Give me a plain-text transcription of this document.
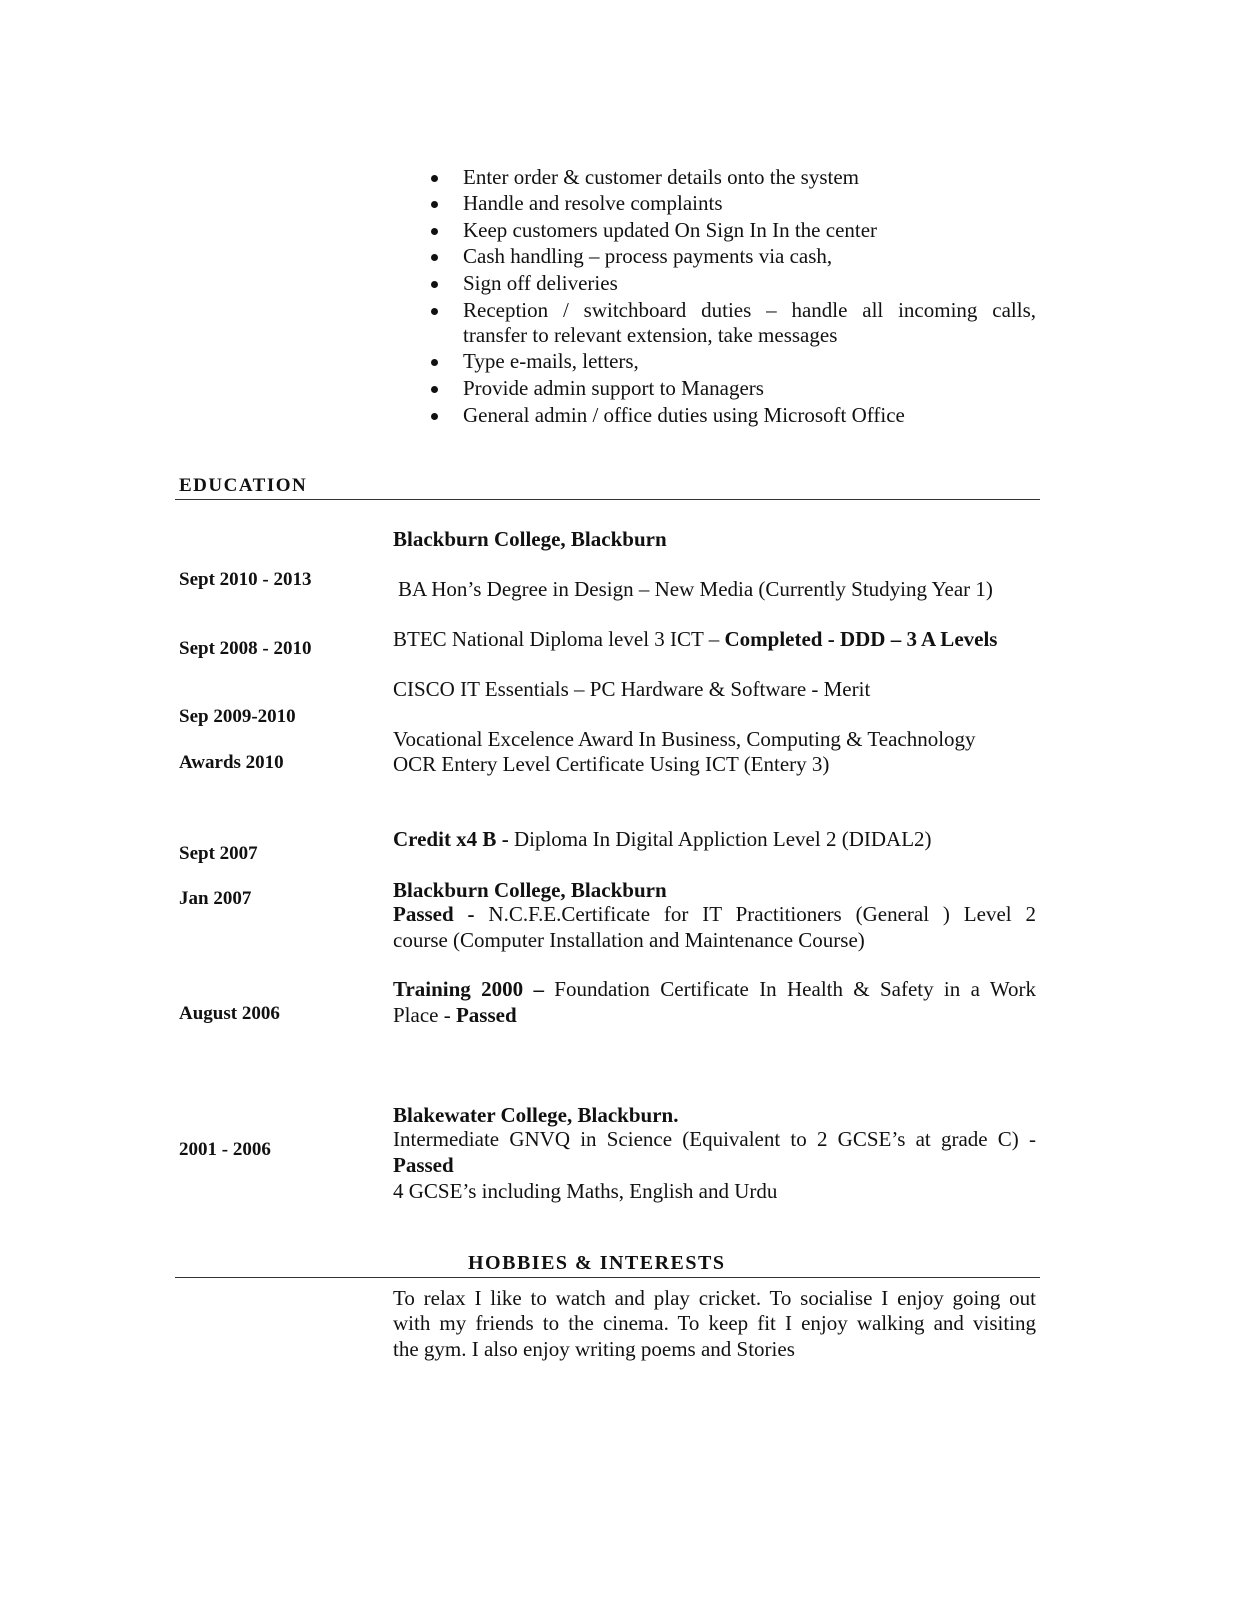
Enter order & customer details onto the system
Handle and resolve complaints
Keep customers updated On Sign In In the center
Cash handling – process payments via cash,
Sign off deliveries
Reception / switchboard duties – handle all incoming calls,
transfer to relevant extension, take messages
Type e-mails, letters,
Provide admin support to Managers
General admin / office duties using Microsoft Office
EDUCATION
Sept 2010 - 2013
Sept 2008 - 2010
Sep 2009-2010
Awards 2010
Sept 2007
Jan 2007
August 2006
2001 - 2006
Blackburn College, Blackburn
BA Hon’s Degree in Design – New Media (Currently Studying Year 1)
BTEC National Diploma level 3 ICT – Completed - DDD – 3 A Levels
CISCO IT Essentials – PC Hardware & Software - Merit
Vocational Excelence Award In Business, Computing & Teachnology
OCR Entery Level Certificate Using ICT (Entery 3)
Credit x4 B - Diploma In Digital Appliction Level 2 (DIDAL2)
Blackburn College, Blackburn
Passed - N.C.F.E.Certificate for IT Practitioners (General ) Level 2
course (Computer Installation and Maintenance Course)
Training 2000 – Foundation Certificate In Health & Safety in a Work
Place - Passed
Blakewater College, Blackburn.
Intermediate GNVQ in Science (Equivalent to 2 GCSE’s at grade C) -
Passed
4 GCSE’s including Maths, English and Urdu
HOBBIES & INTERESTS
To relax I like to watch and play cricket. To socialise I enjoy going out
with my friends to the cinema. To keep fit I enjoy walking and visiting
the gym. I also enjoy writing poems and Stories
